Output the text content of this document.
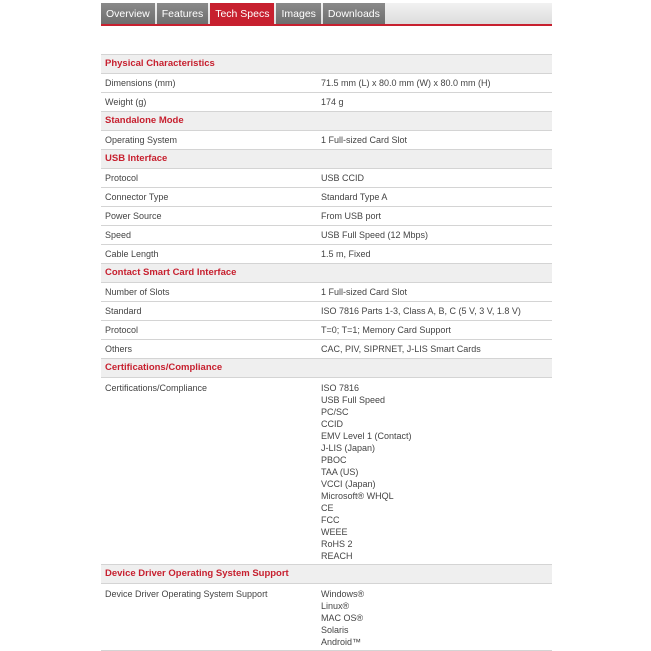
Overview	Features	Tech Specs	Images	Downloads
Physical Characteristics
Dimensions (mm)	71.5 mm (L) x 80.0 mm (W) x 80.0 mm (H)
Weight (g)	174 g
Standalone Mode
Operating System	1 Full-sized Card Slot
USB Interface
Protocol	USB CCID
Connector Type	Standard Type A
Power Source	From USB port
Speed	USB Full Speed (12 Mbps)
Cable Length	1.5 m, Fixed
Contact Smart Card Interface
Number of Slots	1 Full-sized Card Slot
Standard	ISO 7816 Parts 1-3, Class A, B, C (5 V, 3 V, 1.8 V)
Protocol	T=0; T=1; Memory Card Support
Others	CAC, PIV, SIPRNET, J-LIS Smart Cards
Certifications/Compliance
Certifications/Compliance	ISO 7816
USB Full Speed
PC/SC
CCID
EMV Level 1 (Contact)
J-LIS (Japan)
PBOC
TAA (US)
VCCI (Japan)
Microsoft® WHQL
CE
FCC
WEEE
RoHS 2
REACH
Device Driver Operating System Support
Device Driver Operating System Support	Windows®
Linux®
MAC OS®
Solaris
Android™
